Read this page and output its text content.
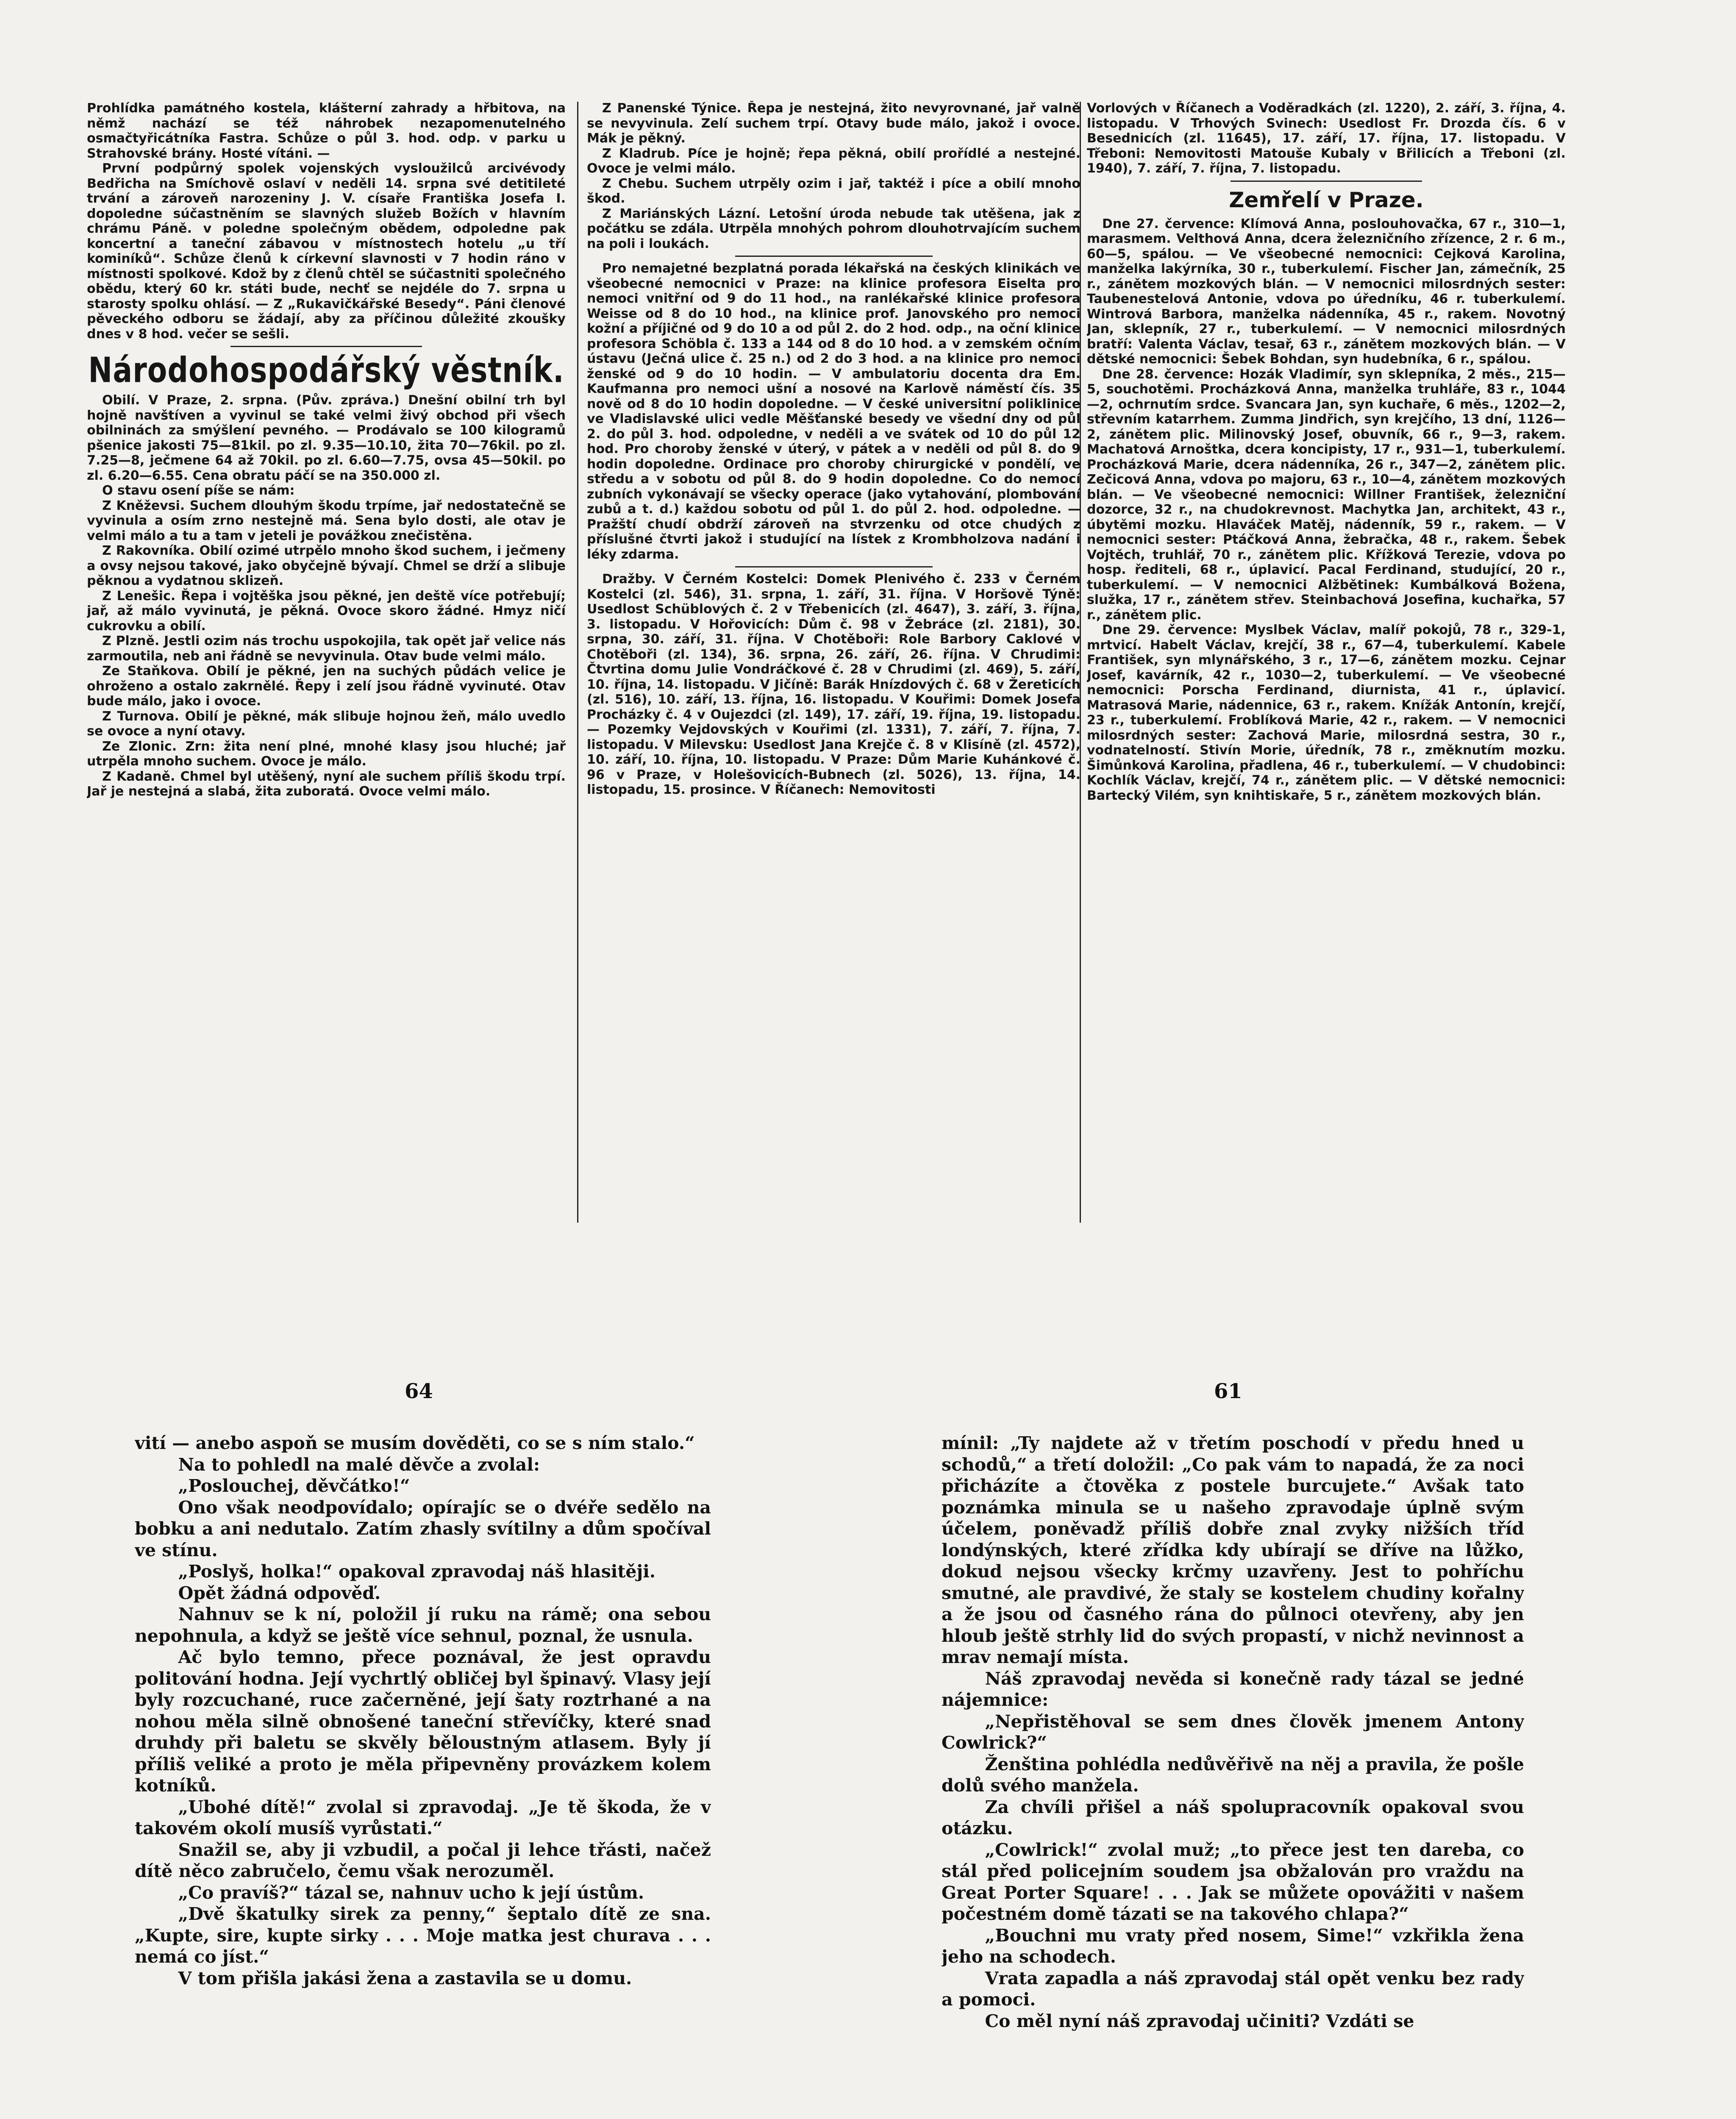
Prohlídka památného kostela, klášterní zahrady a hřbitova, na němž nachází se též náhrobek nezapomenutelného osmačtyřicátníka Fastra. Schůze o půl 3. hod. odp. v parku u Strahovské brány. Hosté vítáni. —

První podpůrný spolek vojenských vysloužilců arcivévody Bedřicha na Smíchově oslaví v neděli 14. srpna své detitileté trvání a zároveň narozeniny J. V. císaře Františka Josefa I. dopoledne súčastněním se slavných služeb Božích v hlavním chrámu Páně. v poledne společným obědem, odpoledne pak koncertní a taneční zábavou v místnostech hotelu „u tří kominíků“. Schůze členů k církevní slavnosti v 7 hodin ráno v místnosti spolkové. Kdož by z členů chtěl se súčastniti společného obědu, který 60 kr. státi bude, nechť se nejdéle do 7. srpna u starosty spolku ohlásí. — Z „Rukavičkářské Besedy“. Páni členové pěveckého odboru se žádají, aby za příčinou důležité zkoušky dnes v 8 hod. večer se sešli.

Národohospodářský věstník.

Obilí. V Praze, 2. srpna. (Pův. zpráva.) Dnešní obilní trh byl hojně navštíven a vyvinul se také velmi živý obchod při všech obilninách za smýšlení pevného. — Prodávalo se 100 kilogramů pšenice jakosti 75—81kil. po zl. 9.35—10.10, žita 70—76kil. po zl. 7.25—8, ječmene 64 až 70kil. po zl. 6.60—7.75, ovsa 45—50kil. po zl. 6.20—6.55. Cena obratu páčí se na 350.000 zl.

O stavu osení píše se nám:

Z Kněževsi. Suchem dlouhým škodu trpíme, jař nedostatečně se vyvinula a osím zrno nestejně má. Sena bylo dosti, ale otav je velmi málo a tu a tam v jeteli je povážkou znečistěna.

Z Rakovníka. Obilí ozimé utrpělo mnoho škod suchem, i ječmeny a ovsy nejsou takové, jako obyčejně bývají. Chmel se drží a slibuje pěknou a vydatnou sklizeň.

Z Lenešic. Řepa i vojtěška jsou pěkné, jen deště více potřebují; jař, až málo vyvinutá, je pěkná. Ovoce skoro žádné. Hmyz ničí cukrovku a obilí.

Z Plzně. Jestli ozim nás trochu uspokojila, tak opět jař velice nás zarmoutila, neb ani řádně se nevyvinula. Otav bude velmi málo.

Ze Staňkova. Obilí je pěkné, jen na suchých půdách velice je ohroženo a ostalo zakrnělé. Řepy i zelí jsou řádně vyvinuté. Otav bude málo, jako i ovoce.

Z Turnova. Obilí je pěkné, mák slibuje hojnou žeň, málo uvedlo se ovoce a nyní otavy.

Ze Zlonic. Zrn: žita není plné, mnohé klasy jsou hluché; jař utrpěla mnoho suchem. Ovoce je málo.

Z Kadaně. Chmel byl utěšený, nyní ale suchem příliš škodu trpí. Jař je nestejná a slabá, žita zuboratá. Ovoce velmi málo.

Z Panenské Týnice. Řepa je nestejná, žito nevyrovnané, jař valně se nevyvinula. Zelí suchem trpí. Otavy bude málo, jakož i ovoce. Mák je pěkný.

Z Kladrub. Píce je hojně; řepa pěkná, obilí prořídlé a nestejné. Ovoce je velmi málo.

Z Chebu. Suchem utrpěly ozim i jař, taktéž i píce a obilí mnoho škod.

Z Mariánských Lázní. Letošní úroda nebude tak utěšena, jak z počátku se zdála. Utrpěla mnohých pohrom dlouhotrvajícím suchem na poli i loukách.

Pro nemajetné bezplatná porada lékařská na českých klinikách ve všeobecné nemocnici v Praze: na klinice profesora Eiselta pro nemoci vnitřní od 9 do 11 hod., na ranlékařské klinice profesora Weisse od 8 do 10 hod., na klinice prof. Janovského pro nemoci kožní a příjičné od 9 do 10 a od půl 2. do 2 hod. odp., na oční klinice profesora Schöbla č. 133 a 144 od 8 do 10 hod. a v zemském očním ústavu (Ječná ulice č. 25 n.) od 2 do 3 hod. a na klinice pro nemoci ženské od 9 do 10 hodin. — V ambulatoriu docenta dra Em. Kaufmanna pro nemoci ušní a nosové na Karlově náměstí čís. 35 nově od 8 do 10 hodin dopoledne. — V české universitní poliklinice ve Vladislavské ulici vedle Měšťanské besedy ve všední dny od půl 2. do půl 3. hod. odpoledne, v neděli a ve svátek od 10 do půl 12 hod. Pro choroby ženské v úterý, v pátek a v neděli od půl 8. do 9 hodin dopoledne. Ordinace pro choroby chirurgické v pondělí, ve středu a v sobotu od půl 8. do 9 hodin dopoledne. Co do nemocí zubních vykonávají se všecky operace (jako vytahování, plombování zubů a t. d.) každou sobotu od půl 1. do půl 2. hod. odpoledne. — Pražští chudí obdrží zároveň na stvrzenku od otce chudých z příslušné čtvrti jakož i studující na lístek z Krombholzova nadání i léky zdarma.

Dražby. V Černém Kostelci: Domek Plenivého č. 233 v Černém Kostelci (zl. 546), 31. srpna, 1. září, 31. října. V Horšově Týně: Usedlost Schüblových č. 2 v Třebenicích (zl. 4647), 3. září, 3. října, 3. listopadu. V Hořovicích: Dům č. 98 v Žebráce (zl. 2181), 30. srpna, 30. září, 31. října. V Chotěboři: Role Barbory Caklové v Chotěboři (zl. 134), 36. srpna, 26. září, 26. října. V Chrudimi: Čtvrtina domu Julie Vondráčkové č. 28 v Chrudimi (zl. 469), 5. září, 10. října, 14. listopadu. V Jičíně: Barák Hnízdových č. 68 v Žereticích (zl. 516), 10. září, 13. října, 16. listopadu. V Kouřimi: Domek Josefa Procházky č. 4 v Oujezdci (zl. 149), 17. září, 19. října, 19. listopadu. — Pozemky Vejdovských v Kouřimi (zl. 1331), 7. září, 7. října, 7. listopadu. V Milevsku: Usedlost Jana Krejče č. 8 v Klisíně (zl. 4572), 10. září, 10. října, 10. listopadu. V Praze: Dům Marie Kuhánkové č. 96 v Praze, v Holešovicích-Bubnech (zl. 5026), 13. října, 14. listopadu, 15. prosince. V Říčanech: Nemovitosti

Vorlových v Říčanech a Voděradkách (zl. 1220), 2. září, 3. října, 4. listopadu. V Trhových Svinech: Usedlost Fr. Drozda čís. 6 v Besednicích (zl. 11645), 17. září, 17. října, 17. listopadu. V Třeboni: Nemovitosti Matouše Kubaly v Břilicích a Třeboni (zl. 1940), 7. září, 7. října, 7. listopadu.

Zemřelí v Praze.

Dne 27. července: Klímová Anna, poslouhovačka, 67 r., 310—1, marasmem. Velthová Anna, dcera železničního zřízence, 2 r. 6 m., 60—5, spálou. — Ve všeobecné nemocnici: Cejková Karolina, manželka lakýrníka, 30 r., tuberkulemí. Fischer Jan, zámečník, 25 r., zánětem mozkových blán. — V nemocnici milosrdných sester: Taubenestelová Antonie, vdova po úředníku, 46 r. tuberkulemí. Wintrová Barbora, manželka nádenníka, 45 r., rakem. Novotný Jan, sklepník, 27 r., tuberkulemí. — V nemocnici milosrdných bratří: Valenta Václav, tesař, 63 r., zánětem mozkových blán. — V dětské nemocnici: Šebek Bohdan, syn hudebníka, 6 r., spálou.

Dne 28. července: Hozák Vladimír, syn sklepníka, 2 měs., 215—5, souchotěmi. Procházková Anna, manželka truhláře, 83 r., 1044—2, ochrnutím srdce. Svancara Jan, syn kuchaře, 6 měs., 1202—2, střevním katarrhem. Zumma Jindřich, syn krejčího, 13 dní, 1126—2, zánětem plic. Milinovský Josef, obuvník, 66 r., 9—3, rakem. Machatová Arnoštka, dcera koncipisty, 17 r., 931—1, tuberkulemí. Procházková Marie, dcera nádenníka, 26 r., 347—2, zánětem plic. Zečicová Anna, vdova po majoru, 63 r., 10—4, zánětem mozkových blán. — Ve všeobecné nemocnici: Willner František, železniční dozorce, 32 r., na chudokrevnost. Machytka Jan, architekt, 43 r., úbytěmi mozku. Hlaváček Matěj, nádenník, 59 r., rakem. — V nemocnici sester: Ptáčková Anna, žebračka, 48 r., rakem. Šebek Vojtěch, truhlář, 70 r., zánětem plic. Křížková Terezie, vdova po hosp. řediteli, 68 r., úplavicí. Pacal Ferdinand, studující, 20 r., tuberkulemí. — V nemocnici Alžbětinek: Kumbálková Božena, služka, 17 r., zánětem střev. Steinbachová Josefina, kuchařka, 57 r., zánětem plic.

Dne 29. července: Myslbek Václav, malíř pokojů, 78 r., 329-1, mrtvicí. Habelt Václav, krejčí, 38 r., 67—4, tuberkulemí. Kabele František, syn mlynářského, 3 r., 17—6, zánětem mozku. Cejnar Josef, kavárník, 42 r., 1030—2, tuberkulemí. — Ve všeobecné nemocnici: Porscha Ferdinand, diurnista, 41 r., úplavicí. Matrasová Marie, nádennice, 63 r., rakem. Knížák Antonín, krejčí, 23 r., tuberkulemí. Froblíková Marie, 42 r., rakem. — V nemocnici milosrdných sester: Zachová Marie, milosrdná sestra, 30 r., vodnatelností. Stivín Morie, úředník, 78 r., změknutím mozku. Šimůnková Karolina, přadlena, 46 r., tuberkulemí. — V chudobinci: Kochlík Václav, krejčí, 74 r., zánětem plic. — V dětské nemocnici: Bartecký Vilém, syn knihtiskaře, 5 r., zánětem mozkových blán.

64	61

vití — anebo aspoň se musím dověděti, co se s ním stalo.“

Na to pohledl na malé děvče a zvolal:

„Poslouchej, děvčátko!“

Ono však neodpovídalo; opírajíc se o dvéře sedělo na bobku a ani nedutalo. Zatím zhasly svítilny a dům spočíval ve stínu.

„Poslyš, holka!“ opakoval zpravodaj náš hlasitěji.

Opět žádná odpověď.

Nahnuv se k ní, položil jí ruku na rámě; ona sebou nepohnula, a když se ještě více sehnul, poznal, že usnula.

Ač bylo temno, přece poznával, že jest opravdu politování hodna. Její vychrtlý obličej byl špinavý. Vlasy její byly rozcuchané, ruce začerněné, její šaty roztrhané a na nohou měla silně obnošené taneční střevíčky, které snad druhdy při baletu se skvěly běloustným atlasem. Byly jí příliš veliké a proto je měla připevněny provázkem kolem kotníků.

„Ubohé dítě!“ zvolal si zpravodaj. „Je tě škoda, že v takovém okolí musíš vyrůstati.“

Snažil se, aby ji vzbudil, a počal ji lehce třásti, načež dítě něco zabručelo, čemu však nerozuměl.

„Co pravíš?“ tázal se, nahnuv ucho k její ústům.

„Dvě škatulky sirek za penny,“ šeptalo dítě ze sna. „Kupte, sire, kupte sirky . . . Moje matka jest churava . . . nemá co jíst.“

V tom přišla jakási žena a zastavila se u domu.

mínil: „Ty najdete až v třetím poschodí v předu hned u schodů,“ a třetí doložil: „Co pak vám to napadá, že za noci přicházíte a čtověka z postele burcujete.“ Avšak tato poznámka minula se u našeho zpravodaje úplně svým účelem, poněvadž příliš dobře znal zvyky nižších tříd londýnských, které zřídka kdy ubírají se dříve na lůžko, dokud nejsou všecky krčmy uzavřeny. Jest to pohříchu smutné, ale pravdivé, že staly se kostelem chudiny kořalny a že jsou od časného rána do půlnoci otevřeny, aby jen hloub ještě strhly lid do svých propastí, v nichž nevinnost a mrav nemají místa.

Náš zpravodaj nevěda si konečně rady tázal se jedné nájemnice:

„Nepřistěhoval se sem dnes člověk jmenem Antony Cowlrick?“

Ženština pohlédla nedůvěřivě na něj a pravila, že pošle dolů svého manžela.

Za chvíli přišel a náš spolupracovník opakoval svou otázku.

„Cowlrick!“ zvolal muž; „to přece jest ten darebа, co stál před policejním soudem jsa obžalován pro vraždu na Great Porter Square! . . . Jak se můžete opovážiti v našem počestném domě tázati se na takového chlapa?“

„Bouchni mu vraty před nosem, Sime!“ vzkřikla žena jeho na schodech.

Vrata zapadla a náš zpravodaj stál opět venku bez rady a pomoci.

Co měl nyní náš zpravodaj učiniti? Vzdáti se
